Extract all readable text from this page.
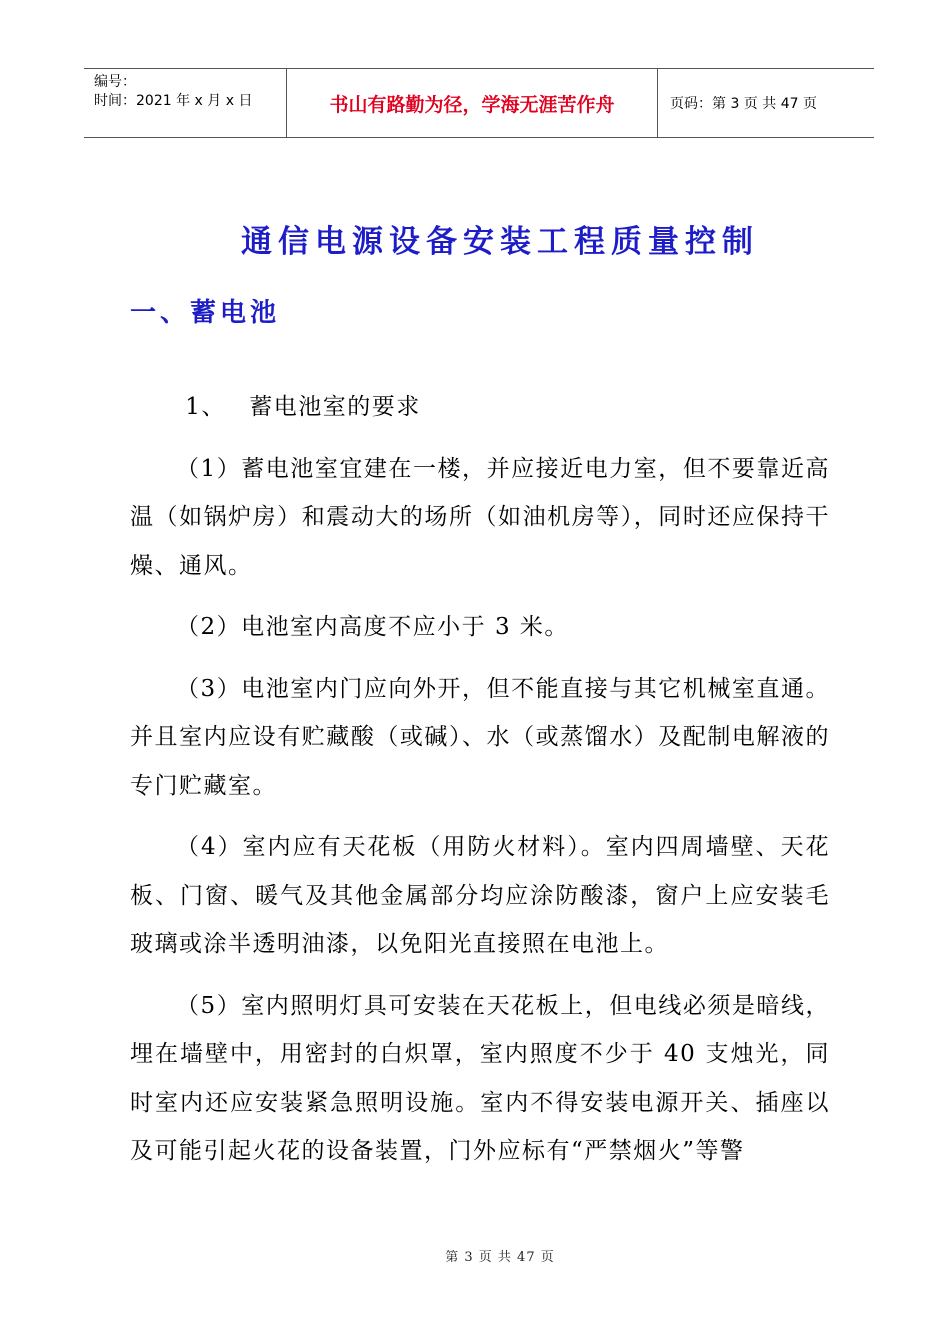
编号：
时间：2021 年 x 月 x 日	书山有路勤为径，学海无涯苦作舟	页码：第 3 页 共 47 页
通信电源设备安装工程质量控制
一、蓄电池

1、 蓄电池室的要求

（1）蓄电池室宜建在一楼，并应接近电力室，但不要靠近高温（如锅炉房）和震动大的场所（如油机房等），同时还应保持干燥、通风。

（2）电池室内高度不应小于 3 米。

（3）电池室内门应向外开，但不能直接与其它机械室直通。并且室内应设有贮藏酸（或碱）、水（或蒸馏水）及配制电解液的专门贮藏室。

（4）室内应有天花板（用防火材料）。室内四周墙壁、天花板、门窗、暖气及其他金属部分均应涂防酸漆，窗户上应安装毛玻璃或涂半透明油漆，以免阳光直接照在电池上。

（5）室内照明灯具可安装在天花板上，但电线必须是暗线，埋在墙壁中，用密封的白炽罩，室内照度不少于 40 支烛光，同时室内还应安装紧急照明设施。室内不得安装电源开关、插座以及可能引起火花的设备装置，门外应标有“严禁烟火”等警

第 3 页 共 47 页
